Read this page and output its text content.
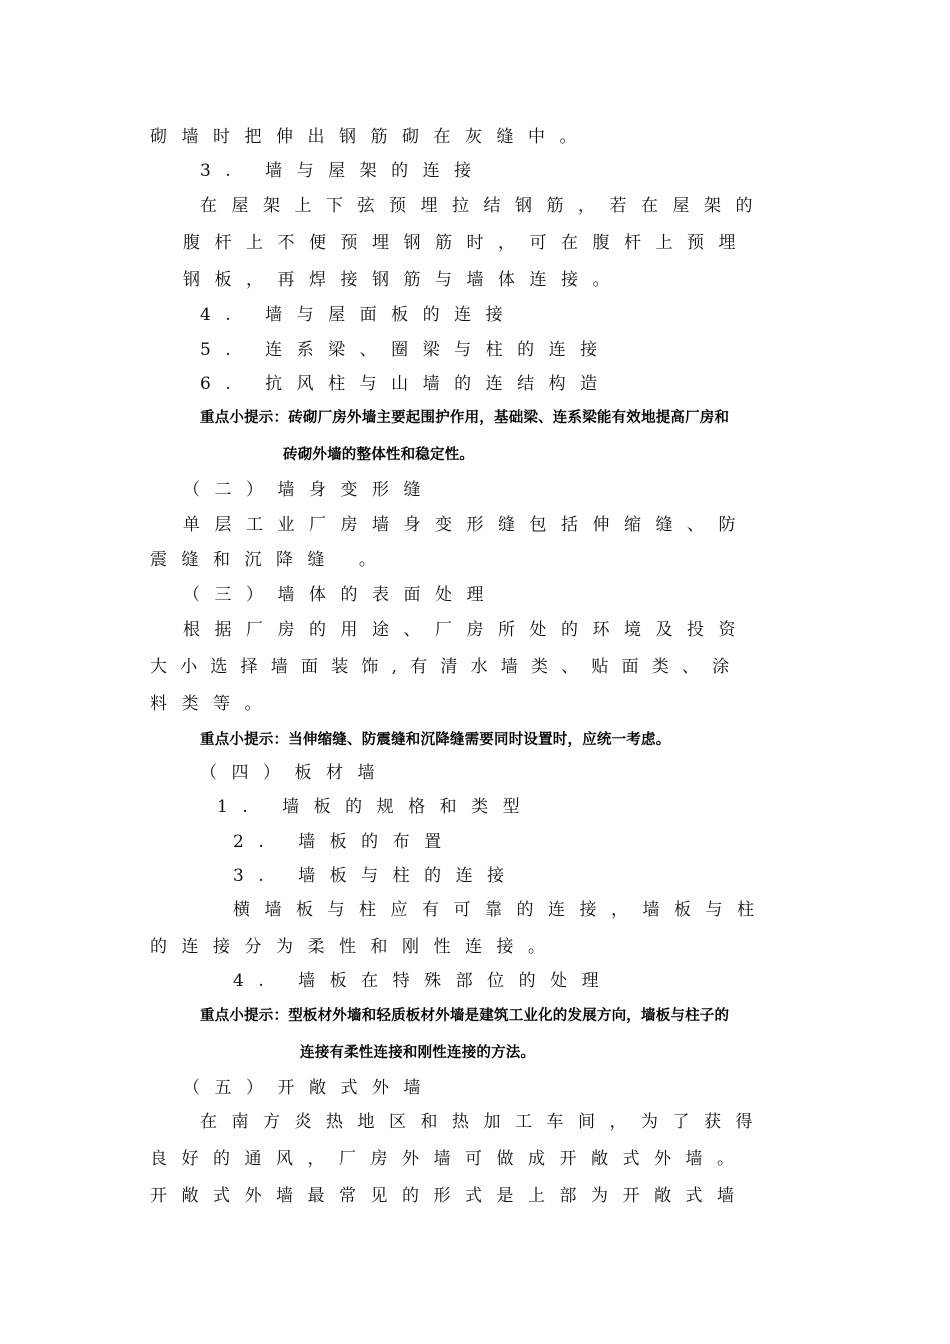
砌墙时把伸出钢筋砌在灰缝中。
3. 墙与屋架的连接
在屋架上下弦预埋拉结钢筋，若在屋架的
腹杆上不便预埋钢筋时，可在腹杆上预埋
钢板，再焊接钢筋与墙体连接。
4. 墙与屋面板的连接
5. 连系梁、圈梁与柱的连接
6. 抗风柱与山墙的连结构造
重点小提示：砖砌厂房外墙主要起围护作用，基础梁、连系梁能有效地提高厂房和
砖砌外墙的整体性和稳定性。
（二）墙身变形缝
单层工业厂房墙身变形缝包括伸缩缝、防
震缝和沉降缝 。
（三）墙体的表面处理
根据厂房的用途、厂房所处的环境及投资
大小选择墙面装饰,有清水墙类、贴面类、涂
料类等。
重点小提示：当伸缩缝、防震缝和沉降缝需要同时设置时，应统一考虑。
（四）板材墙
1. 墙板的规格和类型
2. 墙板的布置
3. 墙板与柱的连接
横墙板与柱应有可靠的连接，墙板与柱
的连接分为柔性和刚性连接。
4. 墙板在特殊部位的处理
重点小提示：型板材外墙和轻质板材外墙是建筑工业化的发展方向，墙板与柱子的
连接有柔性连接和刚性连接的方法。
（五）开敞式外墙
在南方炎热地区和热加工车间，为了获得
良好的通风，厂房外墙可做成开敞式外墙。
开敞式外墙最常见的形式是上部为开敞式墙
